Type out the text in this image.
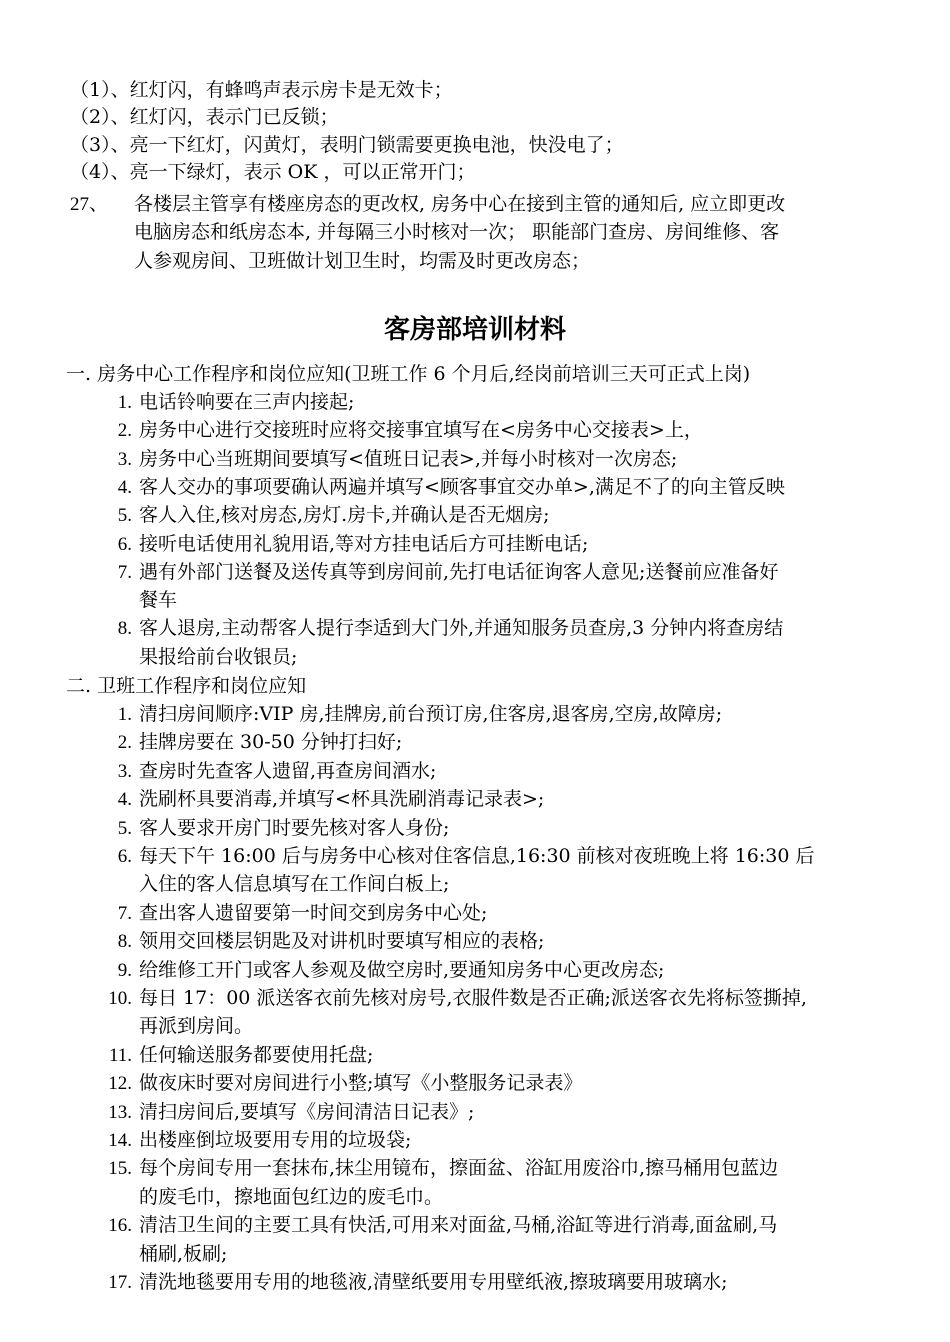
（1）、红灯闪，有蜂鸣声表示房卡是无效卡；
（2）、红灯闪，表示门已反锁；
（3）、亮一下红灯，闪黄灯，表明门锁需要更换电池，快没电了；
（4）、亮一下绿灯，表示 OK ，可以正常开门；
27、 各楼层主管享有楼座房态的更改权, 房务中心在接到主管的通知后, 应立即更改
电脑房态和纸房态本, 并每隔三小时核对一次； 职能部门查房、房间维修、客
人参观房间、卫班做计划卫生时，均需及时更改房态；
客房部培训材料
一. 房务中心工作程序和岗位应知(卫班工作 6 个月后,经岗前培训三天可正式上岗)
1. 电话铃响要在三声内接起;
2. 房务中心进行交接班时应将交接事宜填写在<房务中心交接表>上，
3. 房务中心当班期间要填写<值班日记表>,并每小时核对一次房态;
4. 客人交办的事项要确认两遍并填写<顾客事宜交办单>,满足不了的向主管反映
5. 客人入住,核对房态,房灯.房卡,并确认是否无烟房;
6. 接听电话使用礼貌用语,等对方挂电话后方可挂断电话;
7. 遇有外部门送餐及送传真等到房间前,先打电话征询客人意见;送餐前应准备好
餐车
8. 客人退房,主动帮客人提行李适到大门外,并通知服务员查房,3 分钟内将查房结
果报给前台收银员;
二. 卫班工作程序和岗位应知
1. 清扫房间顺序:VIP 房,挂牌房,前台预订房,住客房,退客房,空房,故障房;
2. 挂牌房要在 30-50 分钟打扫好;
3. 查房时先查客人遗留,再查房间酒水;
4. 洗刷杯具要消毒,并填写<杯具洗刷消毒记录表>;
5. 客人要求开房门时要先核对客人身份;
6. 每天下午 16:00 后与房务中心核对住客信息,16:30 前核对夜班晚上将 16:30 后
入住的客人信息填写在工作间白板上;
7. 查出客人遗留要第一时间交到房务中心处;
8. 领用交回楼层钥匙及对讲机时要填写相应的表格;
9. 给维修工开门或客人参观及做空房时,要通知房务中心更改房态;
10. 每日 17：00 派送客衣前先核对房号,衣服件数是否正确;派送客衣先将标签撕掉,
再派到房间。
11. 任何输送服务都要使用托盘;
12. 做夜床时要对房间进行小整;填写《小整服务记录表》
13. 清扫房间后,要填写《房间清洁日记表》;
14. 出楼座倒垃圾要用专用的垃圾袋;
15. 每个房间专用一套抹布,抹尘用镜布，擦面盆、浴缸用废浴巾,擦马桶用包蓝边
的废毛巾，擦地面包红边的废毛巾。
16. 清洁卫生间的主要工具有快活,可用来对面盆,马桶,浴缸等进行消毒,面盆刷,马
桶刷,板刷;
17. 清洗地毯要用专用的地毯液,清壁纸要用专用壁纸液,擦玻璃要用玻璃水;
